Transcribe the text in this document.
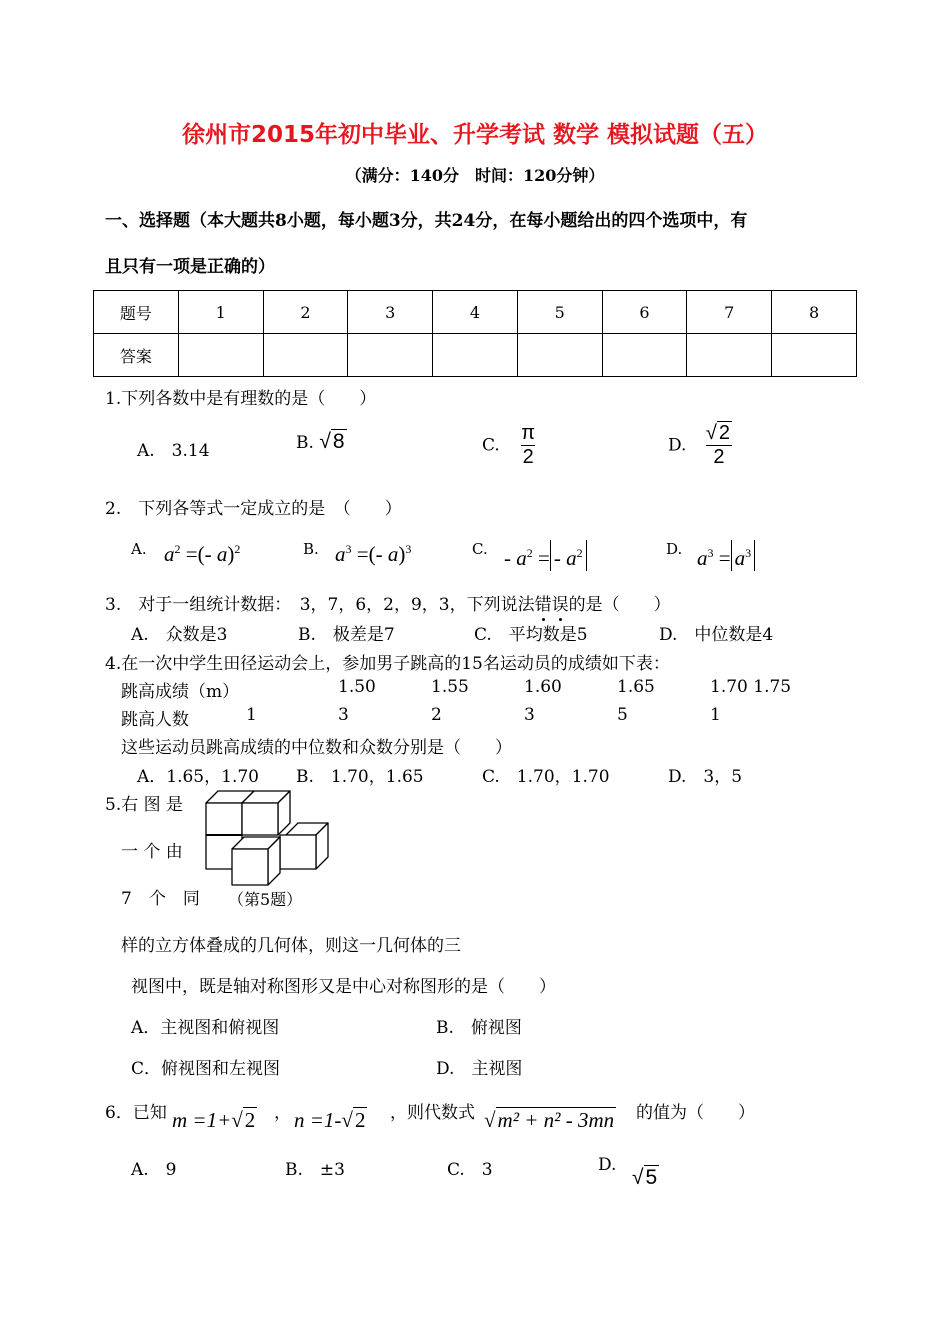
徐州市2015年初中毕业、升学考试 数学 模拟试题（五）
（满分：140分　时间：120分钟）
一、选择题（本大题共8小题，每小题3分，共24分，在每小题给出的四个选项中，有
且只有一项是正确的）
题号	1	2	3	4	5	6	7	8
答案								
1.下列各数中是有理数的是（　　）
A.　3.14	B. √8	C. $\frac{\pi}{2}$	D. $\frac{√ 2}{2}$
2.　下列各等式一定成立的是　（　　）
A. $a^2$ =(- a)$^2$	B. $a^3$ =(- a)$^3$	C. - $a^2$ = - $a^2$	D. $a^3 = a^3$
3.　对于一组统计数据：　3，7，6，2，9，3，下列说法错误的是（　　）
A.　众数是3	B.　极差是7	C.　平均数是5	D.　中位数是4
4.在一次中学生田径运动会上，参加男子跳高的15名运动员的成绩如下表：
跳高成绩（m）	1.50	1.55	1.60	1.65	1.70 1.75
跳高人数	1	3	2	3	5	1
这些运动员跳高成绩的中位数和众数分别是（　　）
A．1.65，1.70 B.　1.70，1.65	C.　1.70，1.70	D.　3，5
5.右 图 是
一 个 由
7　个　同 （第5题）
样的立方体叠成的几何体，则这一几何体的三
视图中，既是轴对称图形又是中心对称图形的是（　　）
A．主视图和俯视图	B.　俯视图
C．俯视图和左视图	D.　主视图
6．已知 m =1+√2 ， n =1-√2 ，则代数式 √m² + n² - 3mn 的值为（　　）
A.　9	B.　±3	C.　3	D.
√5
